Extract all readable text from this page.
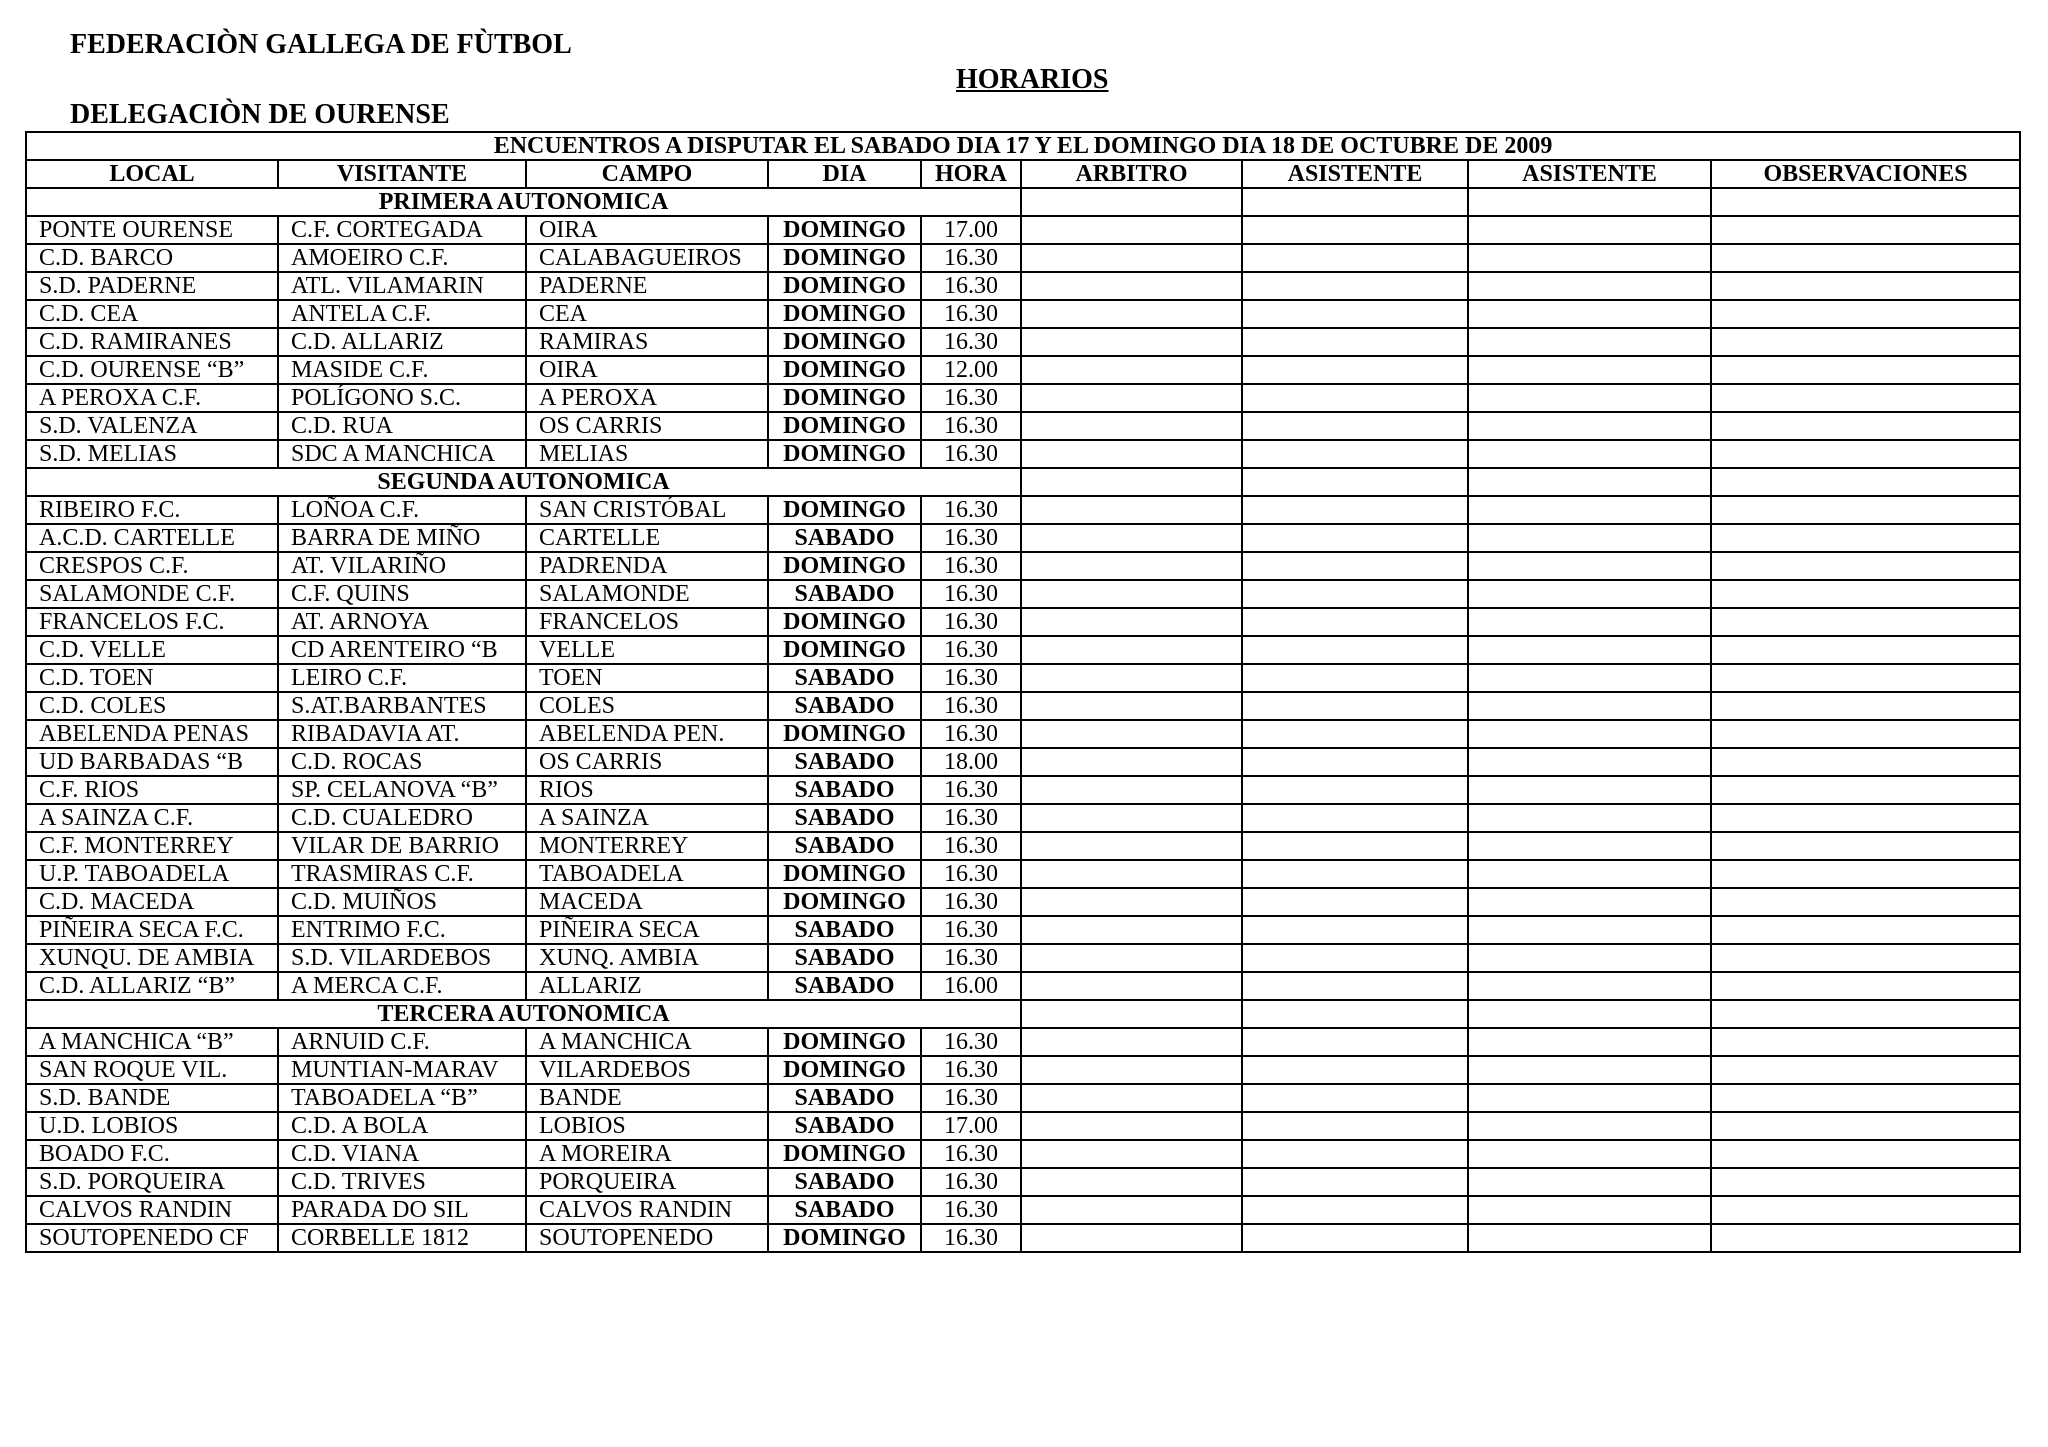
FEDERACIÒN GALLEGA DE FÙTBOL
HORARIOS
DELEGACIÒN DE OURENSE
ENCUENTROS A DISPUTAR EL SABADO DIA 17 Y EL DOMINGO DIA 18 DE OCTUBRE DE 2009								
LOCAL	VISITANTE	CAMPO	DIA	HORA	ARBITRO	ASISTENTE	ASISTENTE	OBSERVACIONES
PRIMERA AUTONOMICA								
PONTE OURENSE	C.F. CORTEGADA	OIRA	DOMINGO	17.00				
C.D. BARCO	AMOEIRO C.F.	CALABAGUEIROS	DOMINGO	16.30				
S.D. PADERNE	ATL. VILAMARIN	PADERNE	DOMINGO	16.30				
C.D. CEA	ANTELA C.F.	CEA	DOMINGO	16.30				
C.D. RAMIRANES	C.D. ALLARIZ	RAMIRAS	DOMINGO	16.30				
C.D. OURENSE “B”	MASIDE C.F.	OIRA	DOMINGO	12.00				
A PEROXA C.F.	POLÍGONO S.C.	A PEROXA	DOMINGO	16.30				
S.D. VALENZA	C.D. RUA	OS CARRIS	DOMINGO	16.30				
S.D. MELIAS	SDC A MANCHICA	MELIAS	DOMINGO	16.30				
SEGUNDA AUTONOMICA								
RIBEIRO F.C.	LOÑOA C.F.	SAN CRISTÓBAL	DOMINGO	16.30				
A.C.D. CARTELLE	BARRA DE MIÑO	CARTELLE	SABADO	16.30				
CRESPOS C.F.	AT. VILARIÑO	PADRENDA	DOMINGO	16.30				
SALAMONDE C.F.	C.F. QUINS	SALAMONDE	SABADO	16.30				
FRANCELOS F.C.	AT. ARNOYA	FRANCELOS	DOMINGO	16.30				
C.D. VELLE	CD ARENTEIRO “B	VELLE	DOMINGO	16.30				
C.D. TOEN	LEIRO C.F.	TOEN	SABADO	16.30				
C.D. COLES	S.AT.BARBANTES	COLES	SABADO	16.30				
ABELENDA PENAS	RIBADAVIA AT.	ABELENDA PEN.	DOMINGO	16.30				
UD BARBADAS “B	C.D. ROCAS	OS CARRIS	SABADO	18.00				
C.F. RIOS	SP. CELANOVA “B”	RIOS	SABADO	16.30				
A SAINZA C.F.	C.D. CUALEDRO	A SAINZA	SABADO	16.30				
C.F. MONTERREY	VILAR DE BARRIO	MONTERREY	SABADO	16.30				
U.P. TABOADELA	TRASMIRAS C.F.	TABOADELA	DOMINGO	16.30				
C.D. MACEDA	C.D. MUIÑOS	MACEDA	DOMINGO	16.30				
PIÑEIRA SECA F.C.	ENTRIMO F.C.	PIÑEIRA SECA	SABADO	16.30				
XUNQU. DE AMBIA	S.D. VILARDEBOS	XUNQ. AMBIA	SABADO	16.30				
C.D. ALLARIZ “B”	A MERCA C.F.	ALLARIZ	SABADO	16.00				
TERCERA AUTONOMICA								
A MANCHICA “B”	ARNUID C.F.	A MANCHICA	DOMINGO	16.30				
SAN ROQUE VIL.	MUNTIAN-MARAV	VILARDEBOS	DOMINGO	16.30				
S.D. BANDE	TABOADELA “B”	BANDE	SABADO	16.30				
U.D. LOBIOS	C.D. A BOLA	LOBIOS	SABADO	17.00				
BOADO F.C.	C.D. VIANA	A MOREIRA	DOMINGO	16.30				
S.D. PORQUEIRA	C.D. TRIVES	PORQUEIRA	SABADO	16.30				
CALVOS RANDIN	PARADA DO SIL	CALVOS RANDIN	SABADO	16.30				
SOUTOPENEDO CF	CORBELLE 1812	SOUTOPENEDO	DOMINGO	16.30				
